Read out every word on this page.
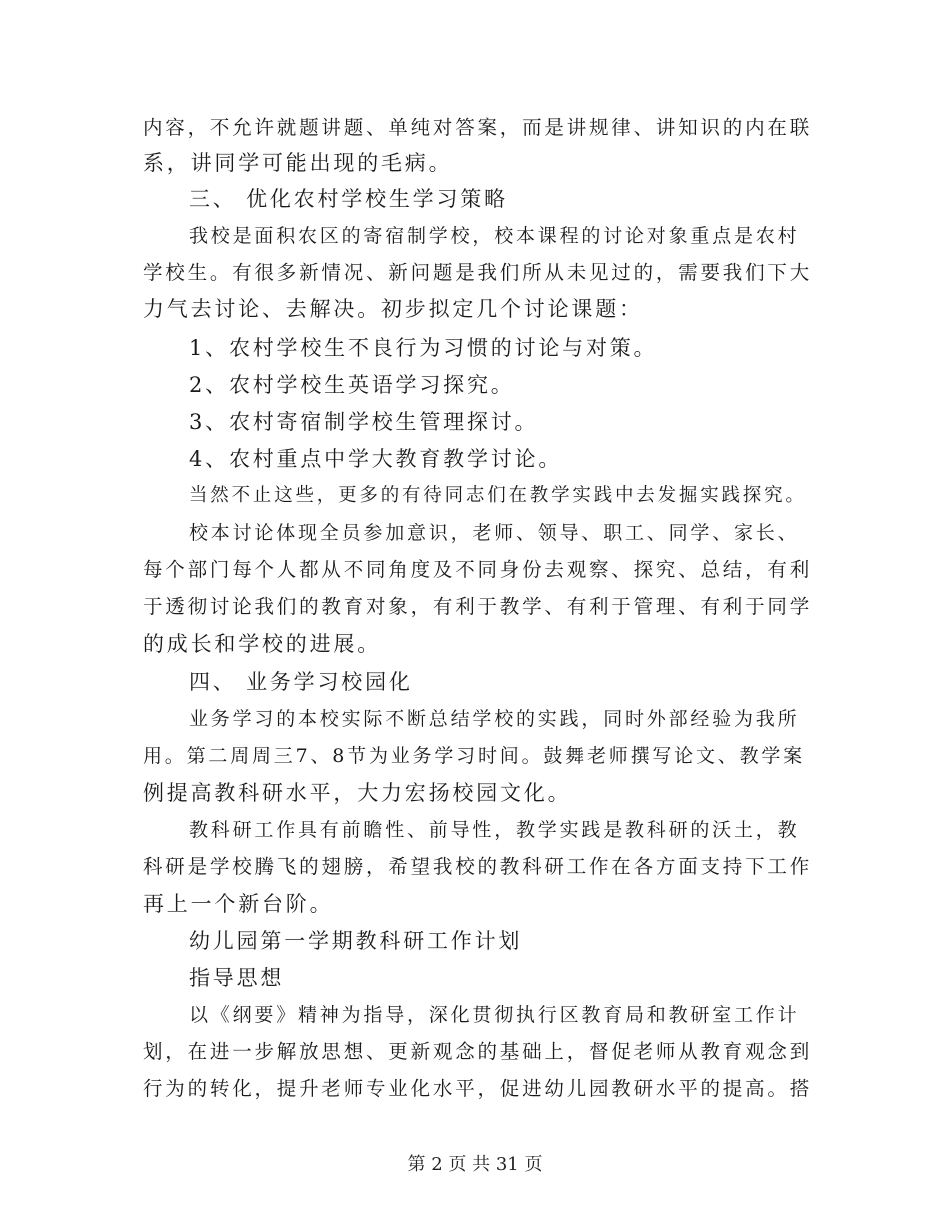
内容，不允许就题讲题、单纯对答案，而是讲规律、讲知识的内在联
系，讲同学可能出现的毛病。
三、 优化农村学校生学习策略
我校是面积农区的寄宿制学校，校本课程的讨论对象重点是农村
学校生。有很多新情况、新问题是我们所从未见过的，需要我们下大
力气去讨论、去解决。初步拟定几个讨论课题：
1、农村学校生不良行为习惯的讨论与对策。
2、农村学校生英语学习探究。
3、农村寄宿制学校生管理探讨。
4、农村重点中学大教育教学讨论。
当然不止这些，更多的有待同志们在教学实践中去发掘实践探究。
校本讨论体现全员参加意识，老师、领导、职工、同学、家长、
每个部门每个人都从不同角度及不同身份去观察、探究、总结，有利
于透彻讨论我们的教育对象，有利于教学、有利于管理、有利于同学
的成长和学校的进展。
四、 业务学习校园化
业务学习的本校实际不断总结学校的实践，同时外部经验为我所
用。第二周周三7、8节为业务学习时间。鼓舞老师撰写论文、教学案
例提高教科研水平，大力宏扬校园文化。
教科研工作具有前瞻性、前导性，教学实践是教科研的沃土，教
科研是学校腾飞的翅膀，希望我校的教科研工作在各方面支持下工作
再上一个新台阶。
幼儿园第一学期教科研工作计划
指导思想
以《纲要》精神为指导，深化贯彻执行区教育局和教研室工作计
划，在进一步解放思想、更新观念的基础上，督促老师从教育观念到
行为的转化，提升老师专业化水平，促进幼儿园教研水平的提高。搭
第 2 页 共 31 页
